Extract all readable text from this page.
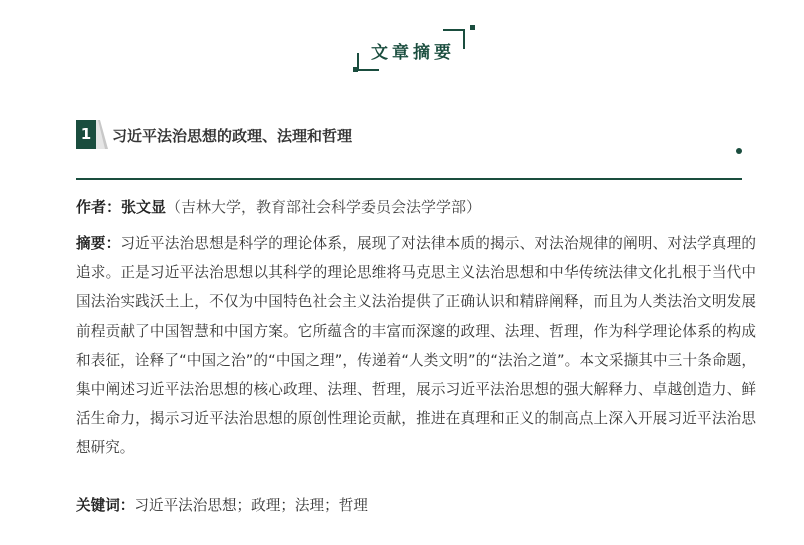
文章摘要
1	习近平法治思想的政理、法理和哲理
作者：张文显（吉林大学，教育部社会科学委员会法学学部）
摘要：习近平法治思想是科学的理论体系，展现了对法律本质的揭示、对法治规律的阐明、对法学真理的追求。正是习近平法治思想以其科学的理论思维将马克思主义法治思想和中华传统法律文化扎根于当代中国法治实践沃土上，不仅为中国特色社会主义法治提供了正确认识和精辟阐释，而且为人类法治文明发展前程贡献了中国智慧和中国方案。它所蕴含的丰富而深邃的政理、法理、哲理，作为科学理论体系的构成和表征，诠释了“中国之治”的“中国之理”，传递着“人类文明”的“法治之道”。本文采撷其中三十条命题，集中阐述习近平法治思想的核心政理、法理、哲理，展示习近平法治思想的强大解释力、卓越创造力、鲜活生命力，揭示习近平法治思想的原创性理论贡献，推进在真理和正义的制高点上深入开展习近平法治思想研究。
关键词：习近平法治思想；政理；法理；哲理
